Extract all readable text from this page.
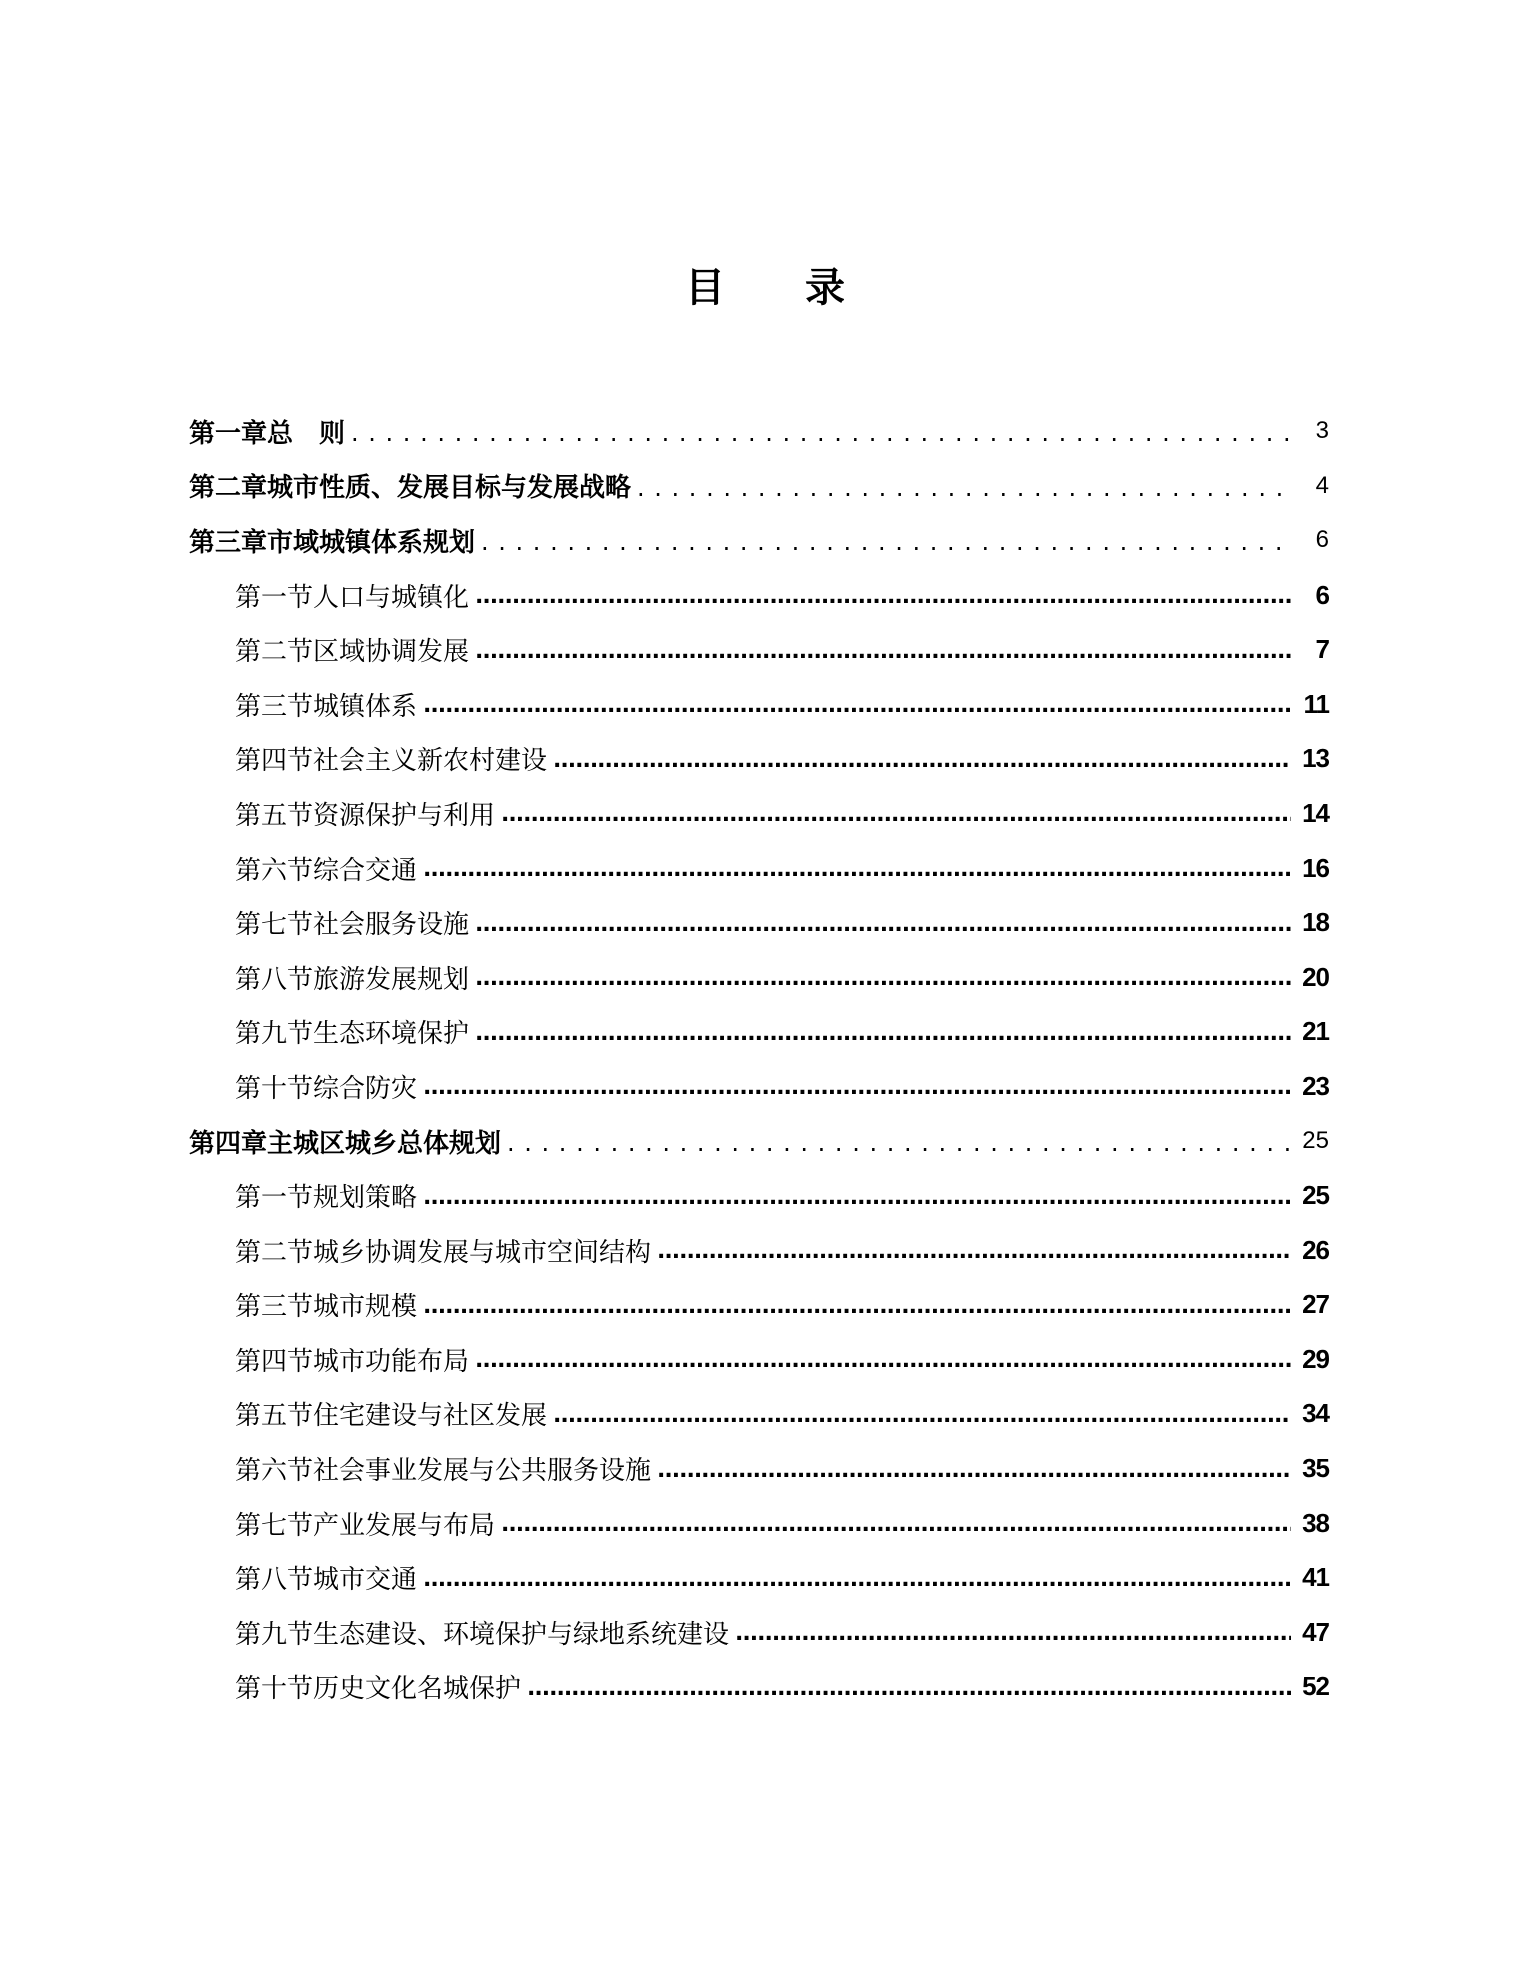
目 录
第一章 总　则 . . .	3
第二章 城市性质、发展目标与发展战略 . . .	4
第三章 市域城镇体系规划 . . .	6
第一节 人口与城镇化 .....	6
第二节 区域协调发展 .....	7
第三节 城镇体系 .....	11
第四节 社会主义新农村建设 .....	13
第五节 资源保护与利用 .....	14
第六节 综合交通 .....	16
第七节 社会服务设施 .....	18
第八节 旅游发展规划 .....	20
第九节 生态环境保护 .....	21
第十节 综合防灾 .....	23
第四章 主城区城乡总体规划 . . .	25
第一节 规划策略 .....	25
第二节 城乡协调发展与城市空间结构 .....	26
第三节 城市规模 .....	27
第四节 城市功能布局 .....	29
第五节 住宅建设与社区发展 .....	34
第六节 社会事业发展与公共服务设施 .....	35
第七节 产业发展与布局 .....	38
第八节 城市交通 .....	41
第九节 生态建设、环境保护与绿地系统建设 .....	47
第十节 历史文化名城保护 .....	52
